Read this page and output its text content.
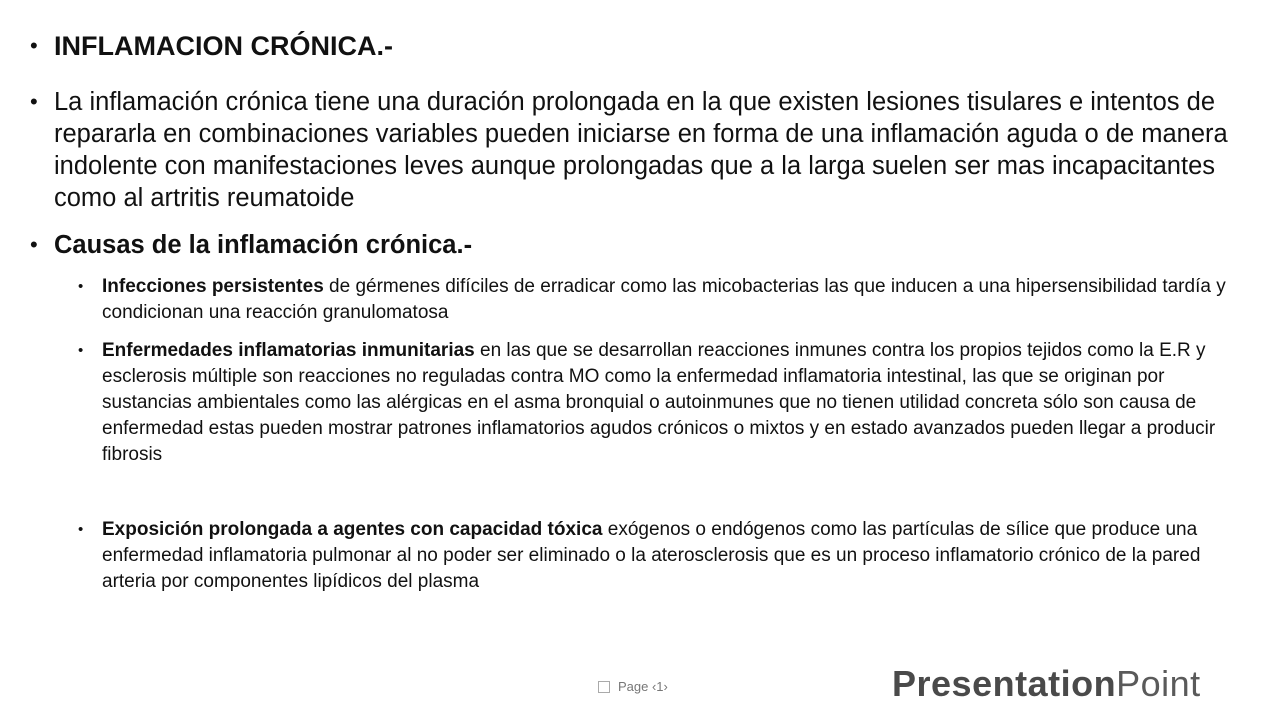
• INFLAMACION CRÓNICA.-
• La inflamación crónica tiene una duración prolongada en la que existen lesiones tisulares e intentos de repararla en combinaciones variables pueden iniciarse en forma de una inflamación aguda o de manera indolente con manifestaciones leves aunque prolongadas que a la larga suelen ser mas incapacitantes como al artritis reumatoide
• Causas de la inflamación crónica.-
• Infecciones persistentes de gérmenes difíciles de erradicar como las micobacterias las que inducen a una hipersensibilidad tardía y condicionan una reacción granulomatosa
• Enfermedades inflamatorias inmunitarias en las que se desarrollan reacciones inmunes contra los propios tejidos como la E.R y esclerosis múltiple son reacciones no reguladas contra MO como la enfermedad inflamatoria intestinal, las que se originan por sustancias ambientales como las alérgicas en el asma bronquial o autoinmunes que no tienen utilidad concreta sólo son causa de enfermedad estas pueden mostrar patrones inflamatorios agudos crónicos o mixtos y en estado avanzados pueden llegar a producir fibrosis
• Exposición prolongada a agentes con capacidad tóxica exógenos o endógenos como las partículas de sílice que produce una enfermedad inflamatoria pulmonar al no poder ser eliminado o la aterosclerosis que es un proceso inflamatorio crónico de la pared arteria por componentes lipídicos del plasma
Page ‹1›	PresentationPoint
